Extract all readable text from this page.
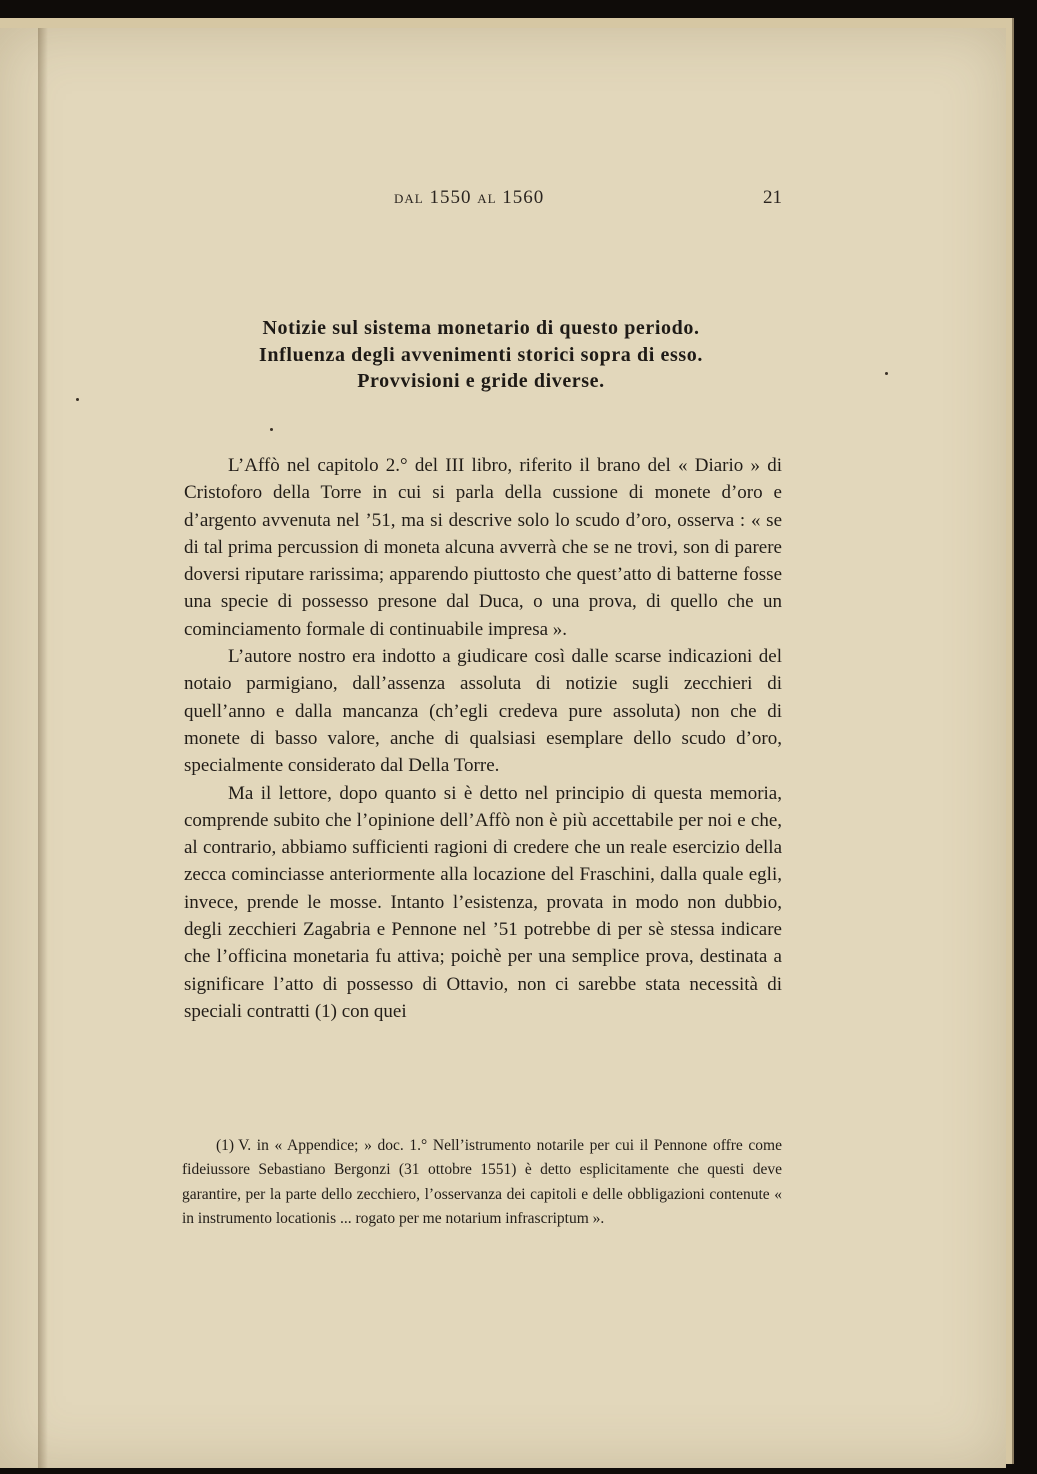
dal 1550 al 1560	21
Notizie sul sistema monetario di questo periodo.
Influenza degli avvenimenti storici sopra di esso.
Provvisioni e gride diverse.

L’Affò nel capitolo 2.° del III libro, riferito il brano del « Diario » di Cristoforo della Torre in cui si parla della cussione di monete d’oro e d’argento avvenuta nel ’51, ma si descrive solo lo scudo d’oro, osserva : « se di tal prima percussion di moneta alcuna avverrà che se ne trovi, son di parere doversi riputare rarissima; apparendo piuttosto che quest’atto di batterne fosse una specie di possesso presone dal Duca, o una prova, di quello che un cominciamento formale di continuabile impresa ».

L’autore nostro era indotto a giudicare così dalle scarse indicazioni del notaio parmigiano, dall’assenza assoluta di notizie sugli zecchieri di quell’anno e dalla mancanza (ch’egli credeva pure assoluta) non che di monete di basso valore, anche di qualsiasi esemplare dello scudo d’oro, specialmente considerato dal Della Torre.

Ma il lettore, dopo quanto si è detto nel principio di questa memoria, comprende subito che l’opinione dell’Affò non è più accettabile per noi e che, al contrario, abbiamo sufficienti ragioni di credere che un reale esercizio della zecca cominciasse anteriormente alla locazione del Fraschini, dalla quale egli, invece, prende le mosse. Intanto l’esistenza, provata in modo non dubbio, degli zecchieri Zagabria e Pennone nel ’51 potrebbe di per sè stessa indicare che l’officina monetaria fu attiva; poichè per una semplice prova, destinata a significare l’atto di possesso di Ottavio, non ci sarebbe stata necessità di speciali contratti (1) con quei

(1) V. in « Appendice; » doc. 1.° Nell’istrumento notarile per cui il Pennone offre come fideiussore Sebastiano Bergonzi (31 ottobre 1551) è detto esplicitamente che questi deve garantire, per la parte dello zecchiero, l’osservanza dei capitoli e delle obbligazioni contenute « in instrumento locationis ... rogato per me notarium infrascriptum ».
